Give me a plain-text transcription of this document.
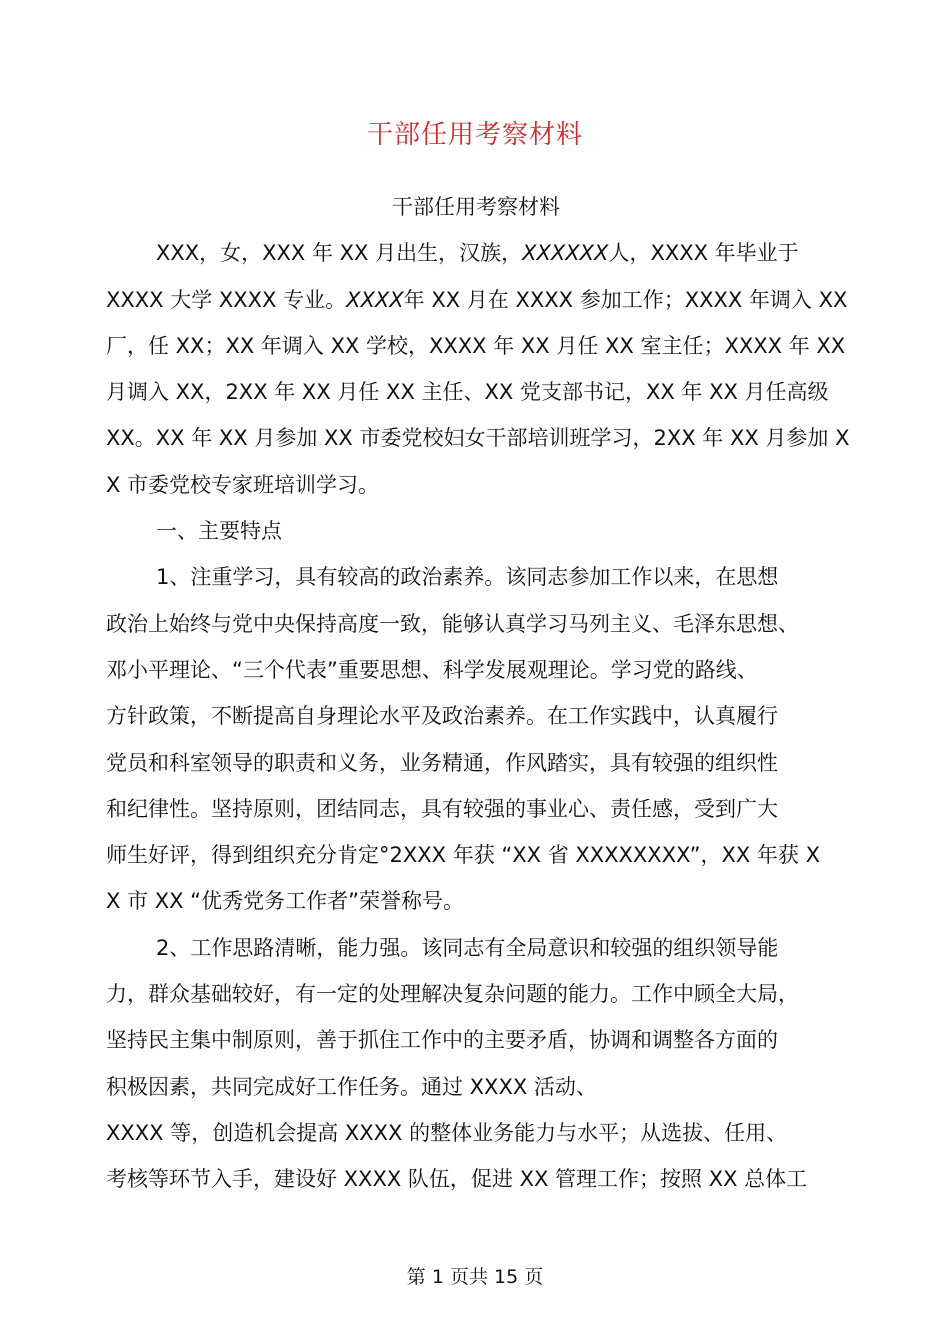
干部任用考察材料
干部任用考察材料
XXX，女，XXX 年 XX 月出生，汉族，XXXXXX人，XXXX 年毕业于
XXXX 大学 XXXX 专业。XXXX年 XX 月在 XXXX 参加工作；XXXX 年调入 XX
厂，任 XX；XX 年调入 XX 学校，XXXX 年 XX 月任 XX 室主任；XXXX 年 XX
月调入 XX，2XX 年 XX 月任 XX 主任、XX 党支部书记，XX 年 XX 月任高级
XX。XX 年 XX 月参加 XX 市委党校妇女干部培训班学习，2XX 年 XX 月参加 X
X 市委党校专家班培训学习。
一、主要特点
1、注重学习，具有较高的政治素养。该同志参加工作以来，在思想
政治上始终与党中央保持高度一致，能够认真学习马列主义、毛泽东思想、
邓小平理论、“三个代表”重要思想、科学发展观理论。学习党的路线、
方针政策，不断提高自身理论水平及政治素养。在工作实践中，认真履行
党员和科室领导的职责和义务，业务精通，作风踏实，具有较强的组织性
和纪律性。坚持原则，团结同志，具有较强的事业心、责任感，受到广大
师生好评，得到组织充分肯定°2XXX 年获 “XX 省 XXXXXXXX”，XX 年获 X
X 市 XX “优秀党务工作者”荣誉称号。
2、工作思路清晰，能力强。该同志有全局意识和较强的组织领导能
力，群众基础较好，有一定的处理解决复杂问题的能力。工作中顾全大局，
坚持民主集中制原则，善于抓住工作中的主要矛盾，协调和调整各方面的
积极因素，共同完成好工作任务。通过 XXXX 活动、
XXXX 等，创造机会提高 XXXX 的整体业务能力与水平；从选拔、任用、
考核等环节入手，建设好 XXXX 队伍，促进 XX 管理工作；按照 XX 总体工
第 1 页共 15 页
